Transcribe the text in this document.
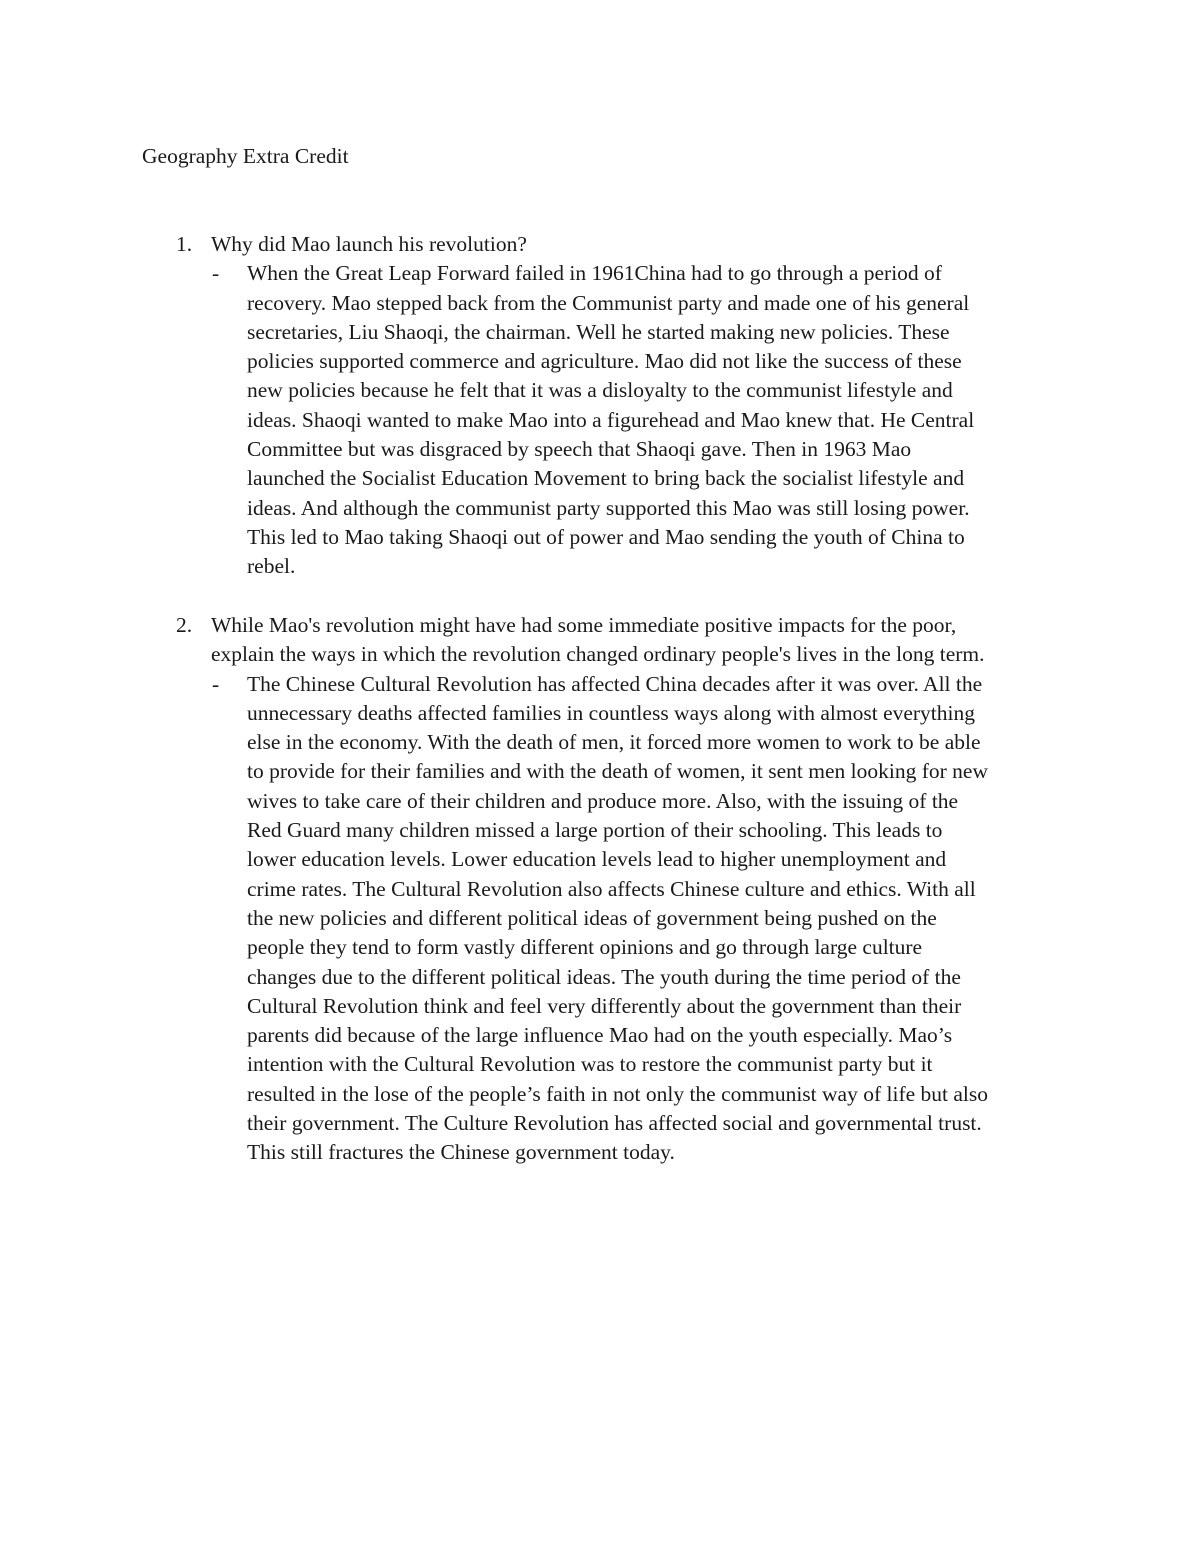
Geography Extra Credit
1. Why did Mao launch his revolution?
- When the Great Leap Forward failed in 1961China had to go through a period of
recovery. Mao stepped back from the Communist party and made one of his general
secretaries, Liu Shaoqi, the chairman. Well he started making new policies. These
policies supported commerce and agriculture. Mao did not like the success of these
new policies because he felt that it was a disloyalty to the communist lifestyle and
ideas. Shaoqi wanted to make Mao into a figurehead and Mao knew that. He Central
Committee but was disgraced by speech that Shaoqi gave. Then in 1963 Mao
launched the Socialist Education Movement to bring back the socialist lifestyle and
ideas. And although the communist party supported this Mao was still losing power.
This led to Mao taking Shaoqi out of power and Mao sending the youth of China to
rebel.
2. While Mao's revolution might have had some immediate positive impacts for the poor,
explain the ways in which the revolution changed ordinary people's lives in the long term.
- The Chinese Cultural Revolution has affected China decades after it was over. All the
unnecessary deaths affected families in countless ways along with almost everything
else in the economy. With the death of men, it forced more women to work to be able
to provide for their families and with the death of women, it sent men looking for new
wives to take care of their children and produce more. Also, with the issuing of the
Red Guard many children missed a large portion of their schooling. This leads to
lower education levels. Lower education levels lead to higher unemployment and
crime rates. The Cultural Revolution also affects Chinese culture and ethics. With all
the new policies and different political ideas of government being pushed on the
people they tend to form vastly different opinions and go through large culture
changes due to the different political ideas. The youth during the time period of the
Cultural Revolution think and feel very differently about the government than their
parents did because of the large influence Mao had on the youth especially. Mao’s
intention with the Cultural Revolution was to restore the communist party but it
resulted in the lose of the people’s faith in not only the communist way of life but also
their government. The Culture Revolution has affected social and governmental trust.
This still fractures the Chinese government today.
